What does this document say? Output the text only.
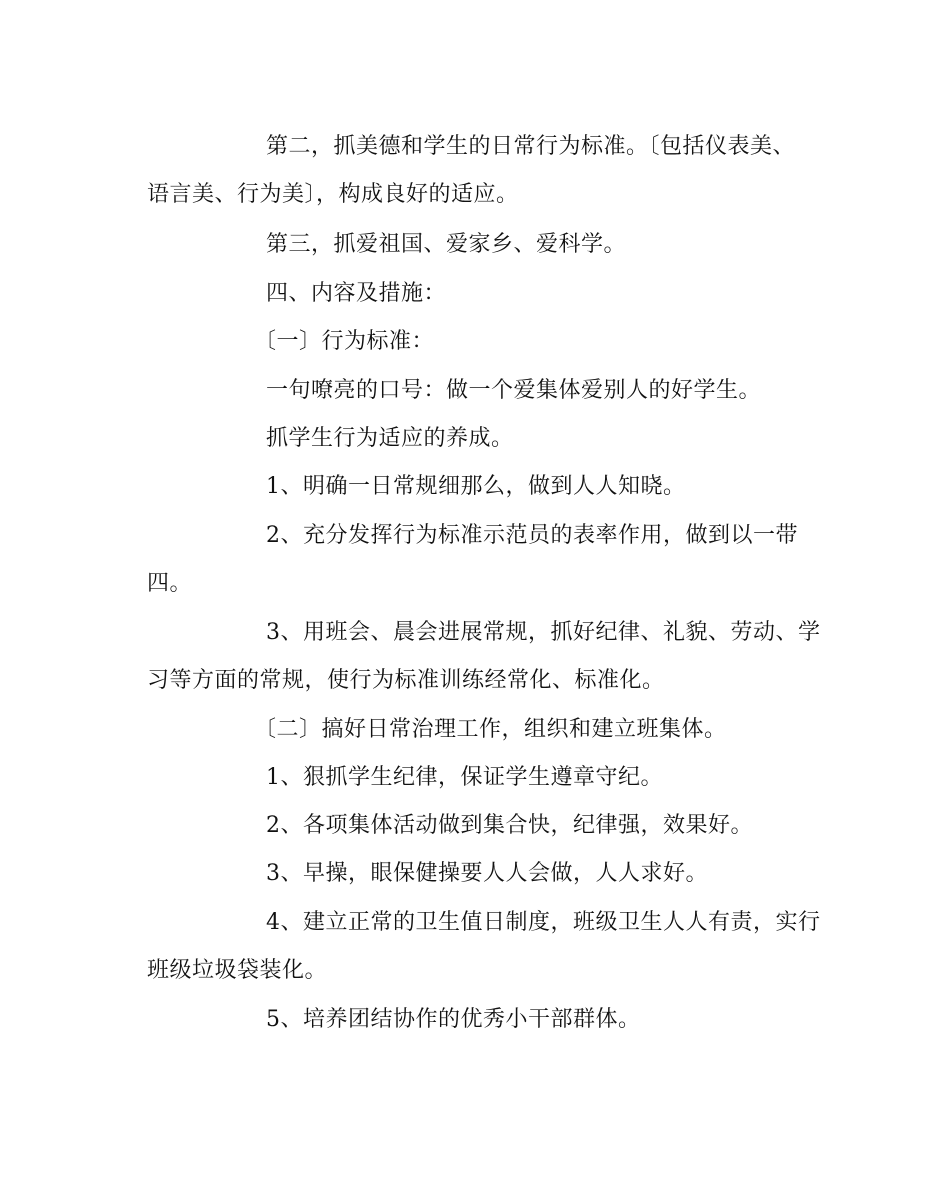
第二，抓美德和学生的日常行为标准。〔包括仪表美、
语言美、行为美〕，构成良好的适应。
第三，抓爱祖国、爱家乡、爱科学。
四、内容及措施：
〔一〕行为标准：
一句嘹亮的口号：做一个爱集体爱别人的好学生。
抓学生行为适应的养成。
1、明确一日常规细那么，做到人人知晓。
2、充分发挥行为标准示范员的表率作用，做到以一带
四。
3、用班会、晨会进展常规，抓好纪律、礼貌、劳动、学
习等方面的常规，使行为标准训练经常化、标准化。
〔二〕搞好日常治理工作，组织和建立班集体。
1、狠抓学生纪律，保证学生遵章守纪。
2、各项集体活动做到集合快，纪律强，效果好。
3、早操，眼保健操要人人会做，人人求好。
4、建立正常的卫生值日制度，班级卫生人人有责，实行
班级垃圾袋装化。
5、培养团结协作的优秀小干部群体。
